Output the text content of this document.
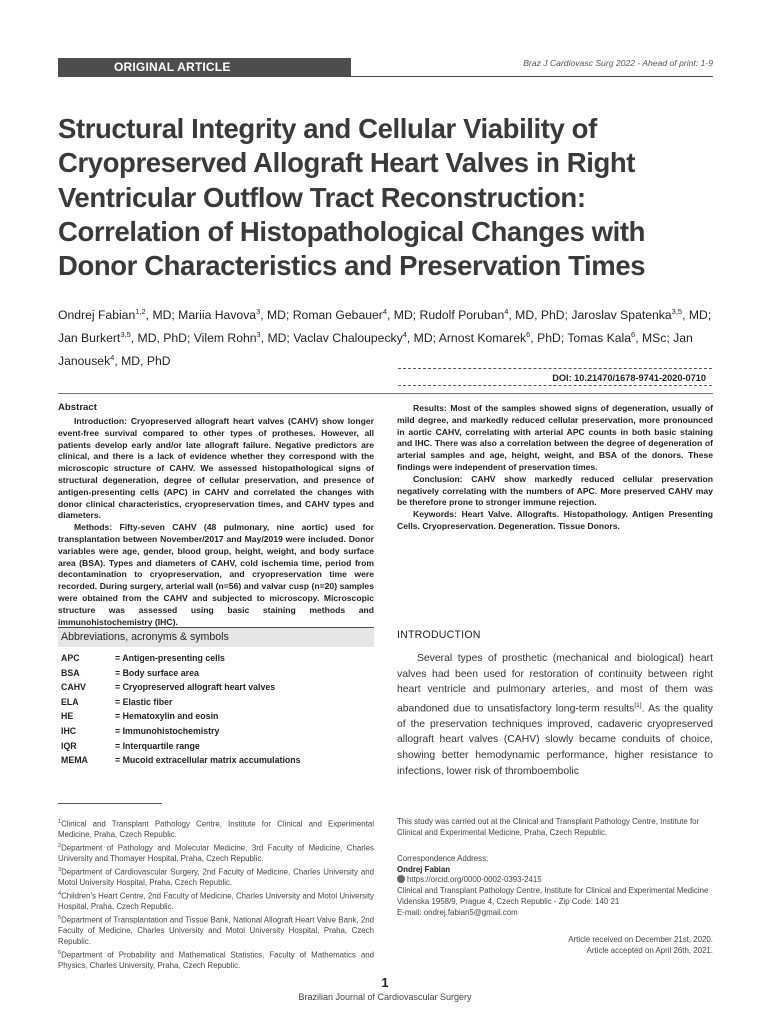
ORIGINAL ARTICLE	Braz J Cardiovasc Surg 2022 - Ahead of print: 1-9
Structural Integrity and Cellular Viability of Cryopreserved Allograft Heart Valves in Right Ventricular Outflow Tract Reconstruction: Correlation of Histopathological Changes with Donor Characteristics and Preservation Times
Ondrej Fabian$^{1,2}$, MD; Mariia Havova$^3$, MD; Roman Gebauer$^4$, MD; Rudolf Poruban$^4$, MD, PhD; Jaroslav Spatenka$^{3,5}$, MD; Jan Burkert$^{3,5}$, MD, PhD; Vilem Rohn$^3$, MD; Vaclav Chaloupecky$^4$, MD; Arnost Komarek$^6$, PhD; Tomas Kala$^6$, MSc; Jan Janousek$^4$, MD, PhD
DOI: 10.21470/1678-9741-2020-0710
Abstract

Introduction: Cryopreserved allograft heart valves (CAHV) show longer event-free survival compared to other types of protheses. However, all patients develop early and/or late allograft failure. Negative predictors are clinical, and there is a lack of evidence whether they correspond with the microscopic structure of CAHV. We assessed histopathological signs of structural degeneration, degree of cellular preservation, and presence of antigen-presenting cells (APC) in CAHV and correlated the changes with donor clinical characteristics, cryopreservation times, and CAHV types and diameters.

Methods: Fifty-seven CAHV (48 pulmonary, nine aortic) used for transplantation between November/2017 and May/2019 were included. Donor variables were age, gender, blood group, height, weight, and body surface area (BSA). Types and diameters of CAHV, cold ischemia time, period from decontamination to cryopreservation, and cryopreservation time were recorded. During surgery, arterial wall (n=56) and valvar cusp (n=20) samples were obtained from the CAHV and subjected to microscopy. Microscopic structure was assessed using basic staining methods and immunohistochemistry (IHC).

Results: Most of the samples showed signs of degeneration, usually of mild degree, and markedly reduced cellular preservation, more pronounced in aortic CAHV, correlating with arterial APC counts in both basic staining and IHC. There was also a correlation between the degree of degeneration of arterial samples and age, height, weight, and BSA of the donors. These findings were independent of preservation times.

Conclusion: CAHV show markedly reduced cellular preservation negatively correlating with the numbers of APC. More preserved CAHV may be therefore prone to stronger immune rejection.

Keywords: Heart Valve. Allografts. Histopathology. Antigen Presenting Cells. Cryopreservation. Degeneration. Tissue Donors.

Abbreviations, acronyms & symbols
APC	= Antigen-presenting cells
BSA	= Body surface area
CAHV	= Cryopreserved allograft heart valves
ELA	= Elastic fiber
HE	= Hematoxylin and eosin
IHC	= Immunohistochemistry
IQR	= Interquartile range
MEMA	= Mucoid extracellular matrix accumulations
INTRODUCTION

Several types of prosthetic (mechanical and biological) heart valves had been used for restoration of continuity between right heart ventricle and pulmonary arteries, and most of them was abandoned due to unsatisfactory long-term results[1]. As the quality of the preservation techniques improved, cadaveric cryopreserved allograft heart valves (CAHV) slowly became conduits of choice, showing better hemodynamic performance, higher resistance to infections, lower risk of thromboembolic

$^1$Clinical and Transplant Pathology Centre, Institute for Clinical and Experimental Medicine, Praha, Czech Republic.

$^2$Department of Pathology and Molecular Medicine, 3rd Faculty of Medicine, Charles University and Thomayer Hospital, Praha, Czech Republic.

$^3$Department of Cardiovascular Surgery, 2nd Faculty of Medicine, Charles University and Motol University Hospital, Praha, Czech Republic.

$^4$Children's Heart Centre, 2nd Faculty of Medicine, Charles University and Motol University Hospital, Praha, Czech Republic.

$^5$Department of Transplantation and Tissue Bank, National Allograft Heart Valve Bank, 2nd Faculty of Medicine, Charles University and Motol University Hospital, Praha, Czech Republic.

$^6$Department of Probability and Mathematical Statistics, Faculty of Mathematics and Physics, Charles University, Praha, Czech Republic.

This study was carried out at the Clinical and Transplant Pathology Centre, Institute for Clinical and Experimental Medicine, Praha, Czech Republic.

Correspondence Address:

Ondrej Fabian

https://orcid.org/0000-0002-0393-2415

Clinical and Transplant Pathology Centre, Institute for Clinical and Experimental Medicine

Videnska 1958/9, Prague 4, Czech Republic - Zip Code: 140 21

E-mail: ondrej.fabian5@gmail.com

Article received on December 21st, 2020.

Article accepted on April 26th, 2021.

1
Brazilian Journal of Cardiovascular Surgery
